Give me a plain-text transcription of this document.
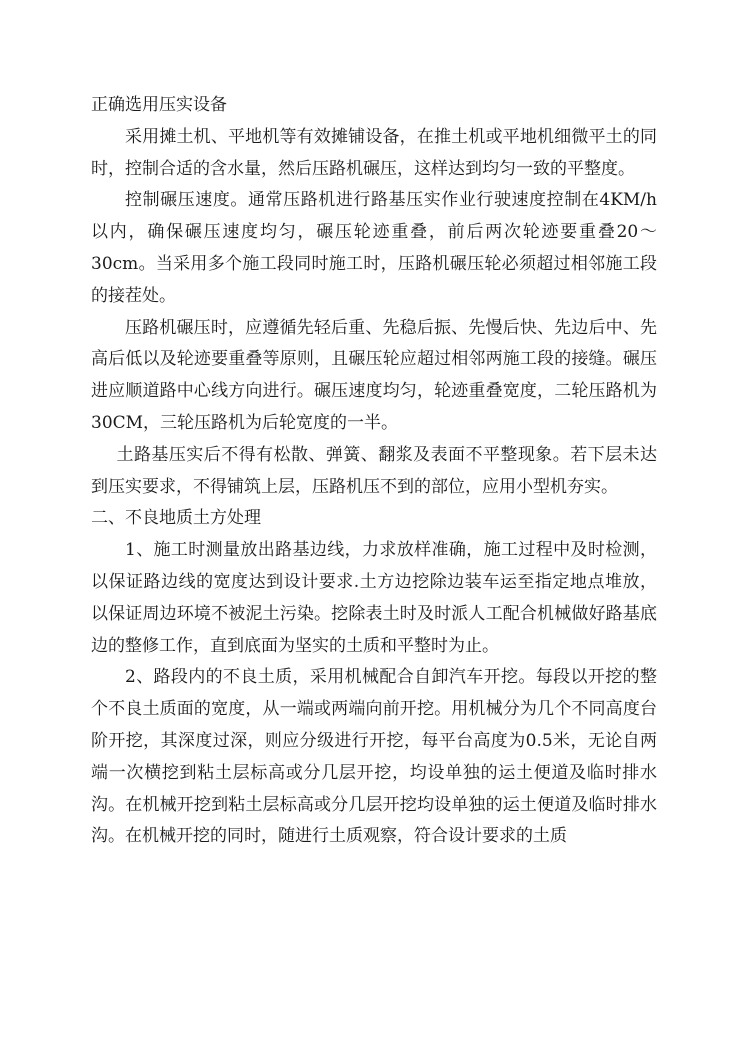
正确选用压实设备

采用摊土机、平地机等有效摊铺设备，在推土机或平地机细微平土的同时，控制合适的含水量，然后压路机碾压，这样达到均匀一致的平整度。

控制碾压速度。通常压路机进行路基压实作业行驶速度控制在4KM/h以内，确保碾压速度均匀，碾压轮迹重叠，前后两次轮迹要重叠20～30cm。当采用多个施工段同时施工时，压路机碾压轮必须超过相邻施工段的接茬处。

压路机碾压时，应遵循先轻后重、先稳后振、先慢后快、先边后中、先高后低以及轮迹要重叠等原则，且碾压轮应超过相邻两施工段的接缝。碾压进应顺道路中心线方向进行。碾压速度均匀，轮迹重叠宽度，二轮压路机为30CM，三轮压路机为后轮宽度的一半。

土路基压实后不得有松散、弹簧、翻浆及表面不平整现象。若下层未达到压实要求，不得铺筑上层，压路机压不到的部位，应用小型机夯实。

二、不良地质土方处理

1、施工时测量放出路基边线，力求放样准确，施工过程中及时检测，以保证路边线的宽度达到设计要求.土方边挖除边装车运至指定地点堆放，以保证周边环境不被泥土污染。挖除表土时及时派人工配合机械做好路基底边的整修工作，直到底面为坚实的土质和平整时为止。

2、路段内的不良土质，采用机械配合自卸汽车开挖。每段以开挖的整个不良土质面的宽度，从一端或两端向前开挖。用机械分为几个不同高度台阶开挖，其深度过深，则应分级进行开挖，每平台高度为0.5米，无论自两端一次横挖到粘土层标高或分几层开挖，均设单独的运土便道及临时排水沟。在机械开挖到粘土层标高或分几层开挖均设单独的运土便道及临时排水沟。在机械开挖的同时，随进行土质观察，符合设计要求的土质
